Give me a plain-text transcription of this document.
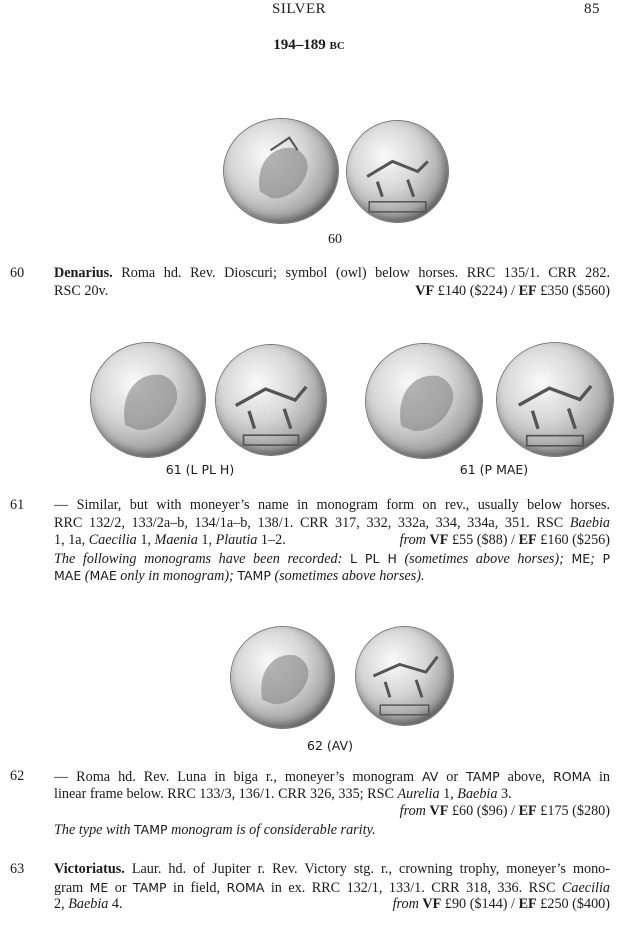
SILVER	85
194–189 BC
60
61 (L PL H)	61 (P MAE)
62 (AV)
60 Denarius. Roma hd. Rev. Dioscuri; symbol (owl) below horses. RRC 135/1. CRR 282.
RSC 20v.	VF £140 ($224) / EF £350 ($560)
61 — Similar, but with moneyer’s name in monogram form on rev., usually below horses.
RRC 132/2, 133/2a–b, 134/1a–b, 138/1. CRR 317, 332, 332a, 334, 334a, 351. RSC Baebia
1, 1a, Caecilia 1, Maenia 1, Plautia 1–2.	from VF £55 ($88) / EF £160 ($256)
The following monograms have been recorded: L PL H (sometimes above horses); ME; P
MAE (MAE only in monogram); TAMP (sometimes above horses).
62 — Roma hd. Rev. Luna in biga r., moneyer’s monogram AV or TAMP above, ROMA in
linear frame below. RRC 133/3, 136/1. CRR 326, 335; RSC Aurelia 1, Baebia 3.
from VF £60 ($96) / EF £175 ($280)
The type with TAMP monogram is of considerable rarity.
63 Victoriatus. Laur. hd. of Jupiter r. Rev. Victory stg. r., crowning trophy, moneyer’s mono-
gram ME or TAMP in field, ROMA in ex. RRC 132/1, 133/1. CRR 318, 336. RSC Caecilia
2, Baebia 4.	from VF £90 ($144) / EF £250 ($400)
